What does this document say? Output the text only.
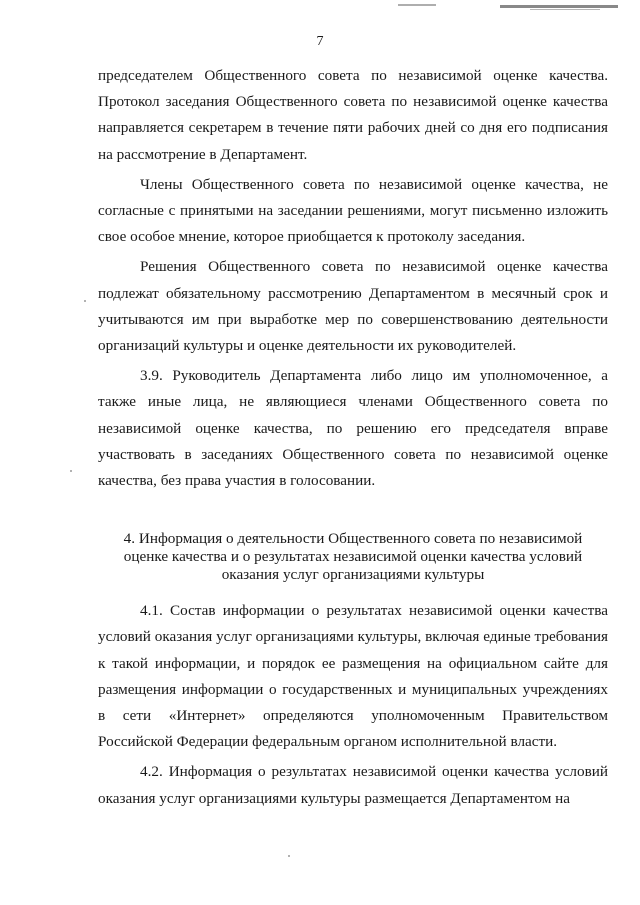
7

председателем Общественного совета по независимой оценке качества. Протокол заседания Общественного совета по независимой оценке качества направляется секретарем в течение пяти рабочих дней со дня его подписания на рассмотрение в Департамент.

Члены Общественного совета по независимой оценке качества, не согласные с принятыми на заседании решениями, могут письменно изложить свое особое мнение, которое приобщается к протоколу заседания.

Решения Общественного совета по независимой оценке качества подлежат обязательному рассмотрению Департаментом в месячный срок и учитываются им при выработке мер по совершенствованию деятельности организаций культуры и оценке деятельности их руководителей.

3.9. Руководитель Департамента либо лицо им уполномоченное, а также иные лица, не являющиеся членами Общественного совета по независимой оценке качества, по решению его председателя вправе участвовать в заседаниях Общественного совета по независимой оценке качества, без права участия в голосовании.

4. Информация о деятельности Общественного совета по независимой оценке качества и о результатах независимой оценки качества условий оказания услуг организациями культуры

4.1. Состав информации о результатах независимой оценки качества условий оказания услуг организациями культуры, включая единые требования к такой информации, и порядок ее размещения на официальном сайте для размещения информации о государственных и муниципальных учреждениях в сети «Интернет» определяются уполномоченным Правительством Российской Федерации федеральным органом исполнительной власти.

4.2. Информация о результатах независимой оценки качества условий оказания услуг организациями культуры размещается Департаментом на
